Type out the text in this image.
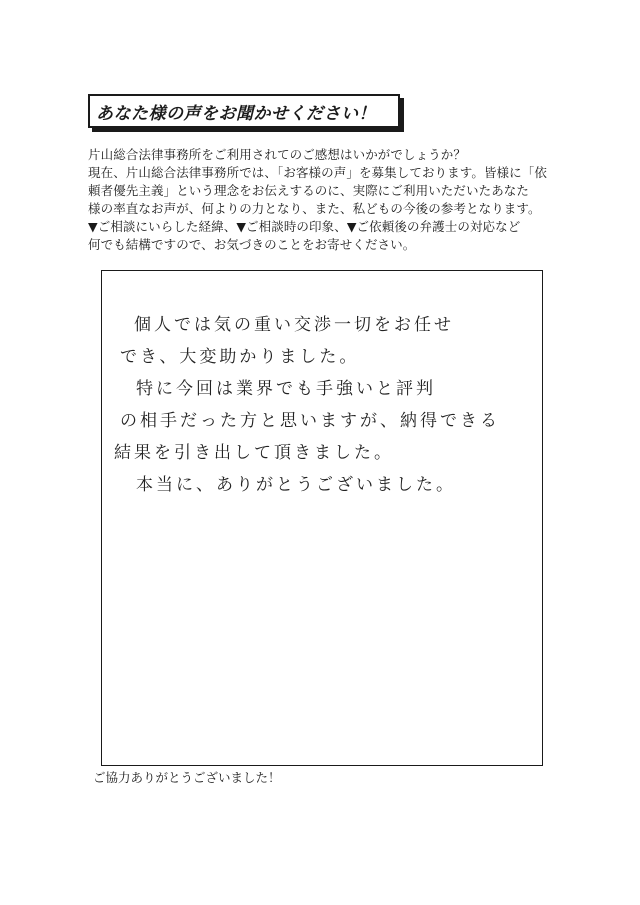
あなた様の声をお聞かせください！
片山総合法律事務所をご利用されてのご感想はいかがでしょうか？
現在、片山総合法律事務所では、「お客様の声」を募集しております。皆様に「依
頼者優先主義」という理念をお伝えするのに、実際にご利用いただいたあなた
様の率直なお声が、何よりの力となり、また、私どもの今後の参考となります。
▼ご相談にいらした経緯、▼ご相談時の印象、▼ご依頼後の弁護士の対応など
何でも結構ですので、お気づきのことをお寄せください。
個人では気の重い交渉一切をお任せ
でき、大変助かりました。
特に今回は業界でも手強いと評判
の相手だった方と思いますが、納得できる
結果を引き出して頂きました。
本当に、ありがとうございました。
ご協力ありがとうございました！
